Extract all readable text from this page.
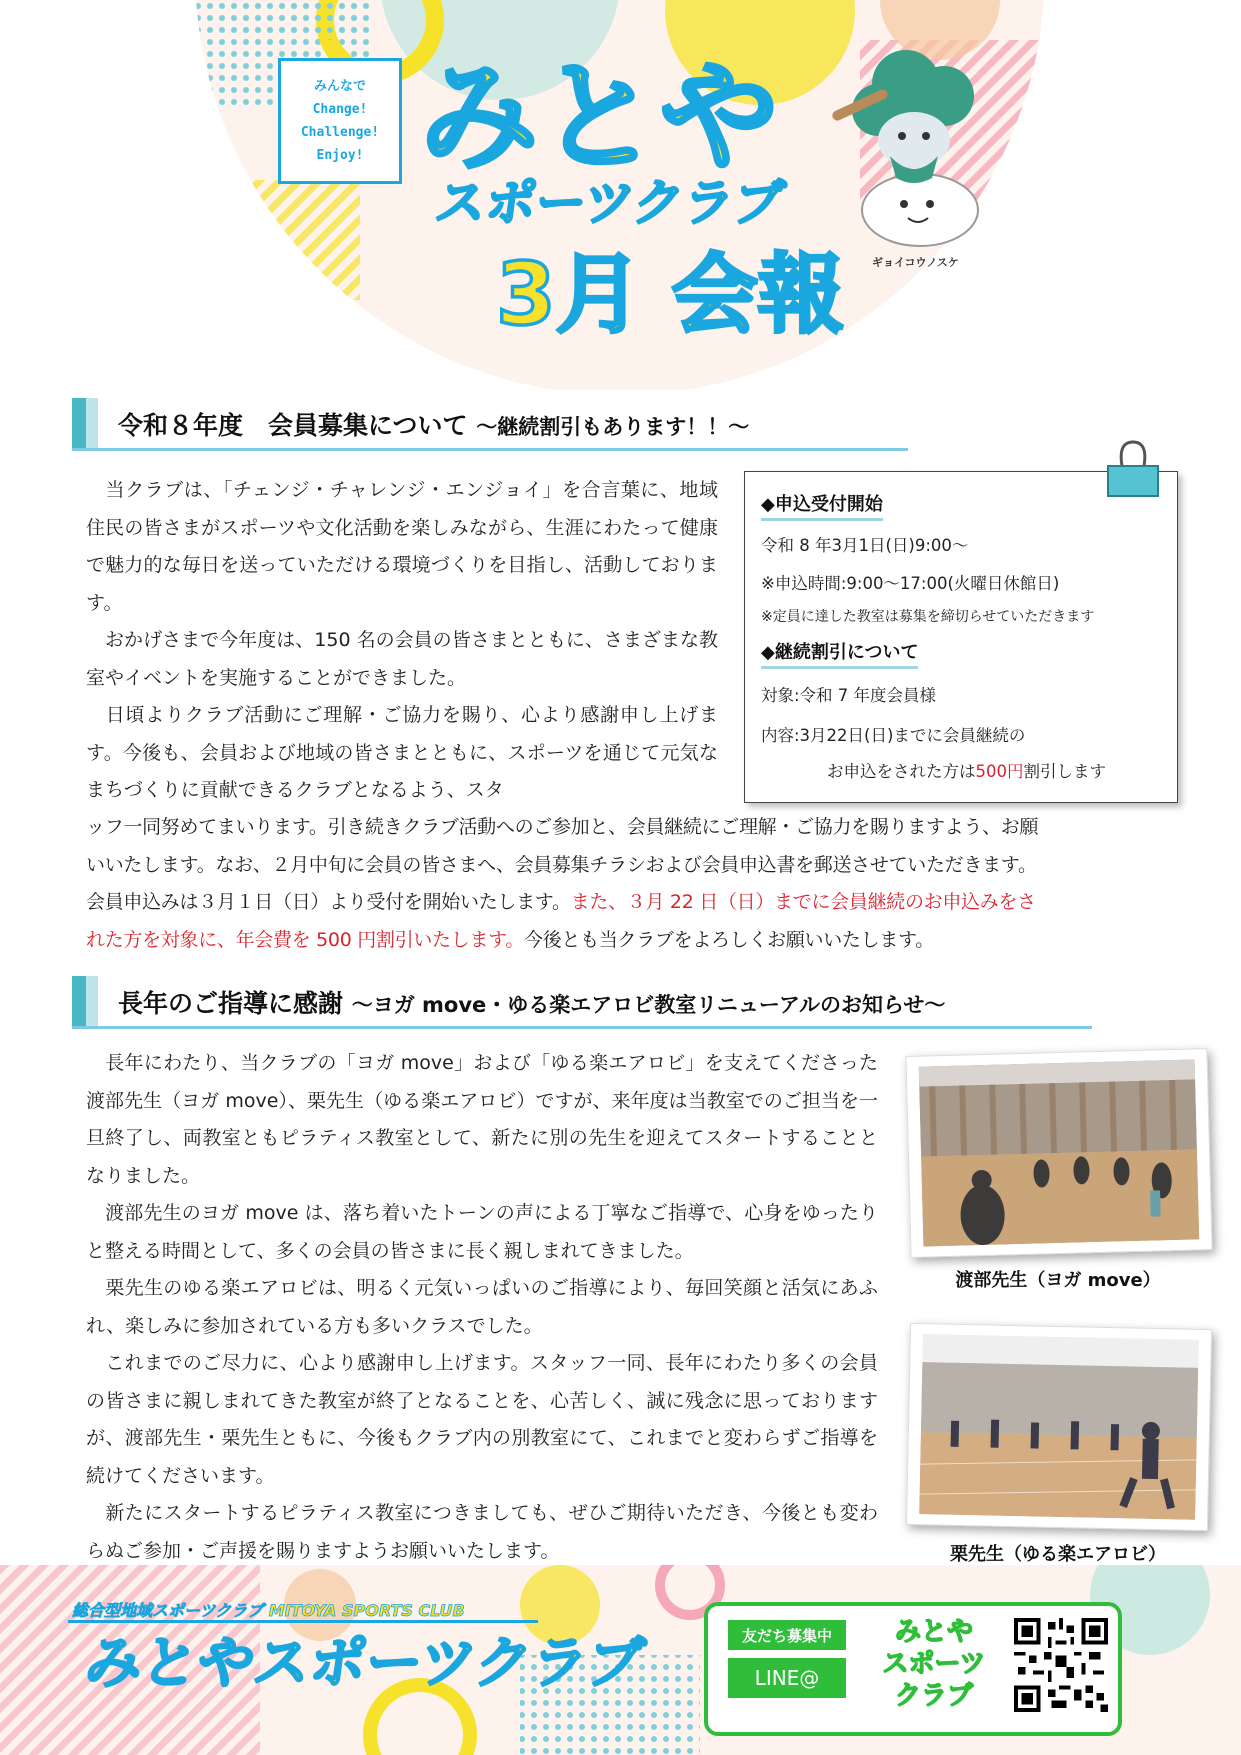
みんなで
Change!
Challenge!
Enjoy! みとや
スポーツクラブ
3月 会報	ギョイコウノスケ
令和８年度　会員募集について ～継続割引もあります！！～
　当クラブは、「チェンジ・チャレンジ・エンジョイ」を合言葉に、地域住民の皆さまがスポーツや文化活動を楽しみながら、生涯にわたって健康で魅力的な毎日を送っていただける環境づくりを目指し、活動しております。
　おかげさまで今年度は、150 名の会員の皆さまとともに、さまざまな教室やイベントを実施することができました。
　日頃よりクラブ活動にご理解・ご協力を賜り、心より感謝申し上げます。今後も、会員および地域の皆さまとともに、スポーツを通じて元気なまちづくりに貢献できるクラブとなるよう、スタ
ッフ一同努めてまいります。引き続きクラブ活動へのご参加と、会員継続にご理解・ご協力を賜りますよう、お願
いいたします。なお、２月中旬に会員の皆さまへ、会員募集チラシおよび会員申込書を郵送させていただきます。
会員申込みは３月１日（日）より受付を開始いたします。また、３月 22 日（日）までに会員継続のお申込みをさ
れた方を対象に、年会費を 500 円割引いたします。今後とも当クラブをよろしくお願いいたします。
◆申込受付開始
令和 8 年3月1日(日)9:00～
※申込時間:9:00～17:00(火曜日休館日)
※定員に達した教室は募集を締切らせていただきます
◆継続割引について
対象:令和 7 年度会員様
内容:3月22日(日)までに会員継続の
お申込をされた方は500円割引します
長年のご指導に感謝 ～ヨガ move・ゆる楽エアロビ教室リニューアルのお知らせ～
　長年にわたり、当クラブの「ヨガ move」および「ゆる楽エアロビ」を支えてくださった渡部先生（ヨガ move）、栗先生（ゆる楽エアロビ）ですが、来年度は当教室でのご担当を一旦終了し、両教室ともピラティス教室として、新たに別の先生を迎えてスタートすることとなりました。
　渡部先生のヨガ move は、落ち着いたトーンの声による丁寧なご指導で、心身をゆったりと整える時間として、多くの会員の皆さまに長く親しまれてきました。
　栗先生のゆる楽エアロビは、明るく元気いっぱいのご指導により、毎回笑顔と活気にあふれ、楽しみに参加されている方も多いクラスでした。
　これまでのご尽力に、心より感謝申し上げます。スタッフ一同、長年にわたり多くの会員の皆さまに親しまれてきた教室が終了となることを、心苦しく、誠に残念に思っておりますが、渡部先生・栗先生ともに、今後もクラブ内の別教室にて、これまでと変わらずご指導を続けてくださいます。
　新たにスタートするピラティス教室につきましても、ぜひご期待いただき、今後とも変わらぬご参加・ご声援を賜りますようお願いいたします。
渡部先生（ヨガ move）
栗先生（ゆる楽エアロビ）
総合型地域スポーツクラブ MITOYA SPORTS CLUB
みとやスポーツクラブ	友だち募集中
LINE@
みとや
スポーツ
クラブ
